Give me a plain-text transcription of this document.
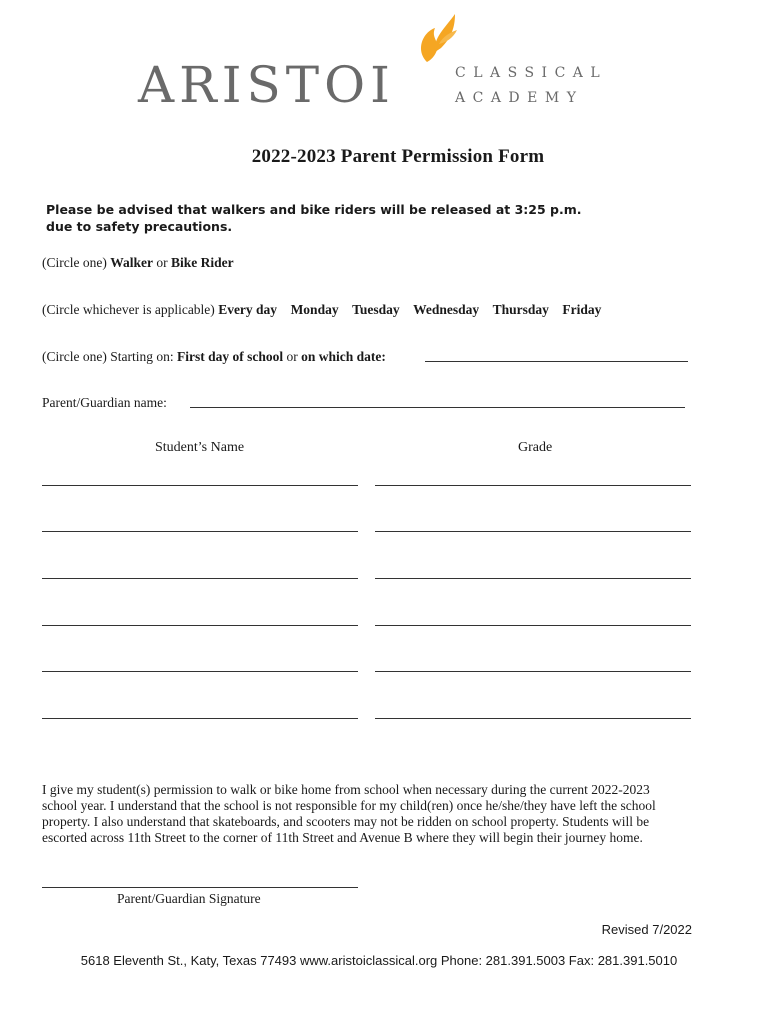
ARISTOI	CLASSICAL
ACADEMY
2022-2023 Parent Permission Form
Please be advised that walkers and bike riders will be released at 3:25 p.m. due to safety precautions.
(Circle one) Walker or Bike Rider
(Circle whichever is applicable) Every day Monday Tuesday Wednesday Thursday Friday
(Circle one) Starting on: First day of school or on which date:
Parent/Guardian name:
Student’s Name	Grade
I give my student(s) permission to walk or bike home from school when necessary during the current 2022-2023 school year. I understand that the school is not responsible for my child(ren) once he/she/they have left the school property. I also understand that skateboards, and scooters may not be ridden on school property. Students will be escorted across 11th Street to the corner of 11th Street and Avenue B where they will begin their journey home.
Parent/Guardian Signature
Revised 7/2022
5618 Eleventh St., Katy, Texas 77493 www.aristoiclassical.org Phone: 281.391.5003 Fax: 281.391.5010
